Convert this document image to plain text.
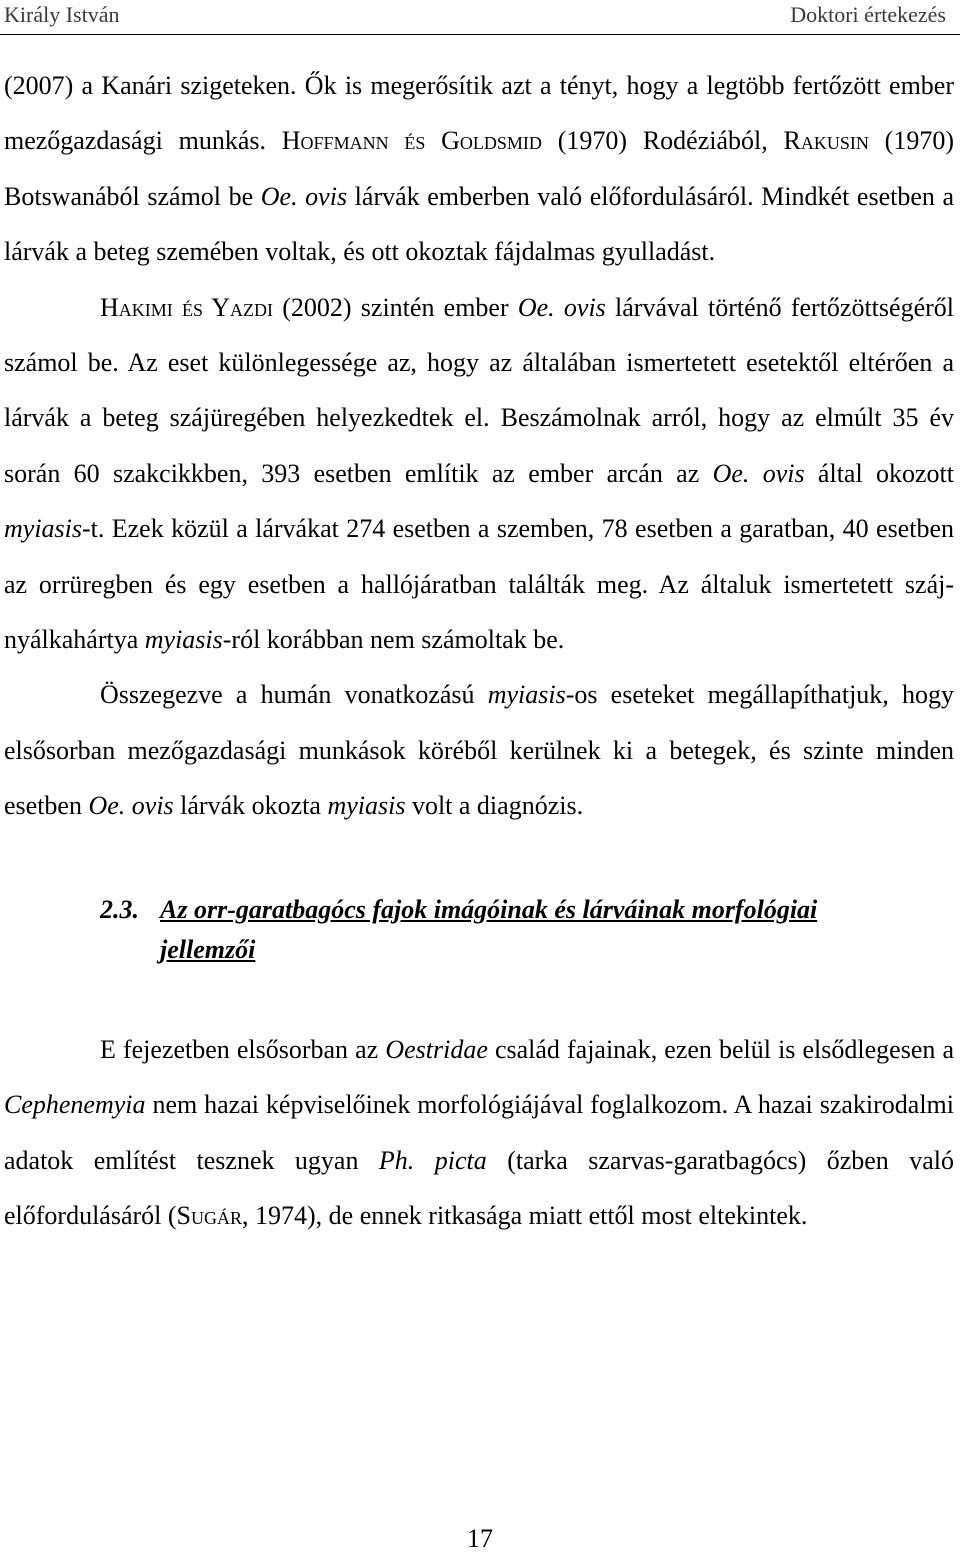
Király István	Doktori értekezés

(2007) a Kanári szigeteken. Ők is megerősítik azt a tényt, hogy a legtöbb fertőzött ember mezőgazdasági munkás. Hoffmann és Goldsmid (1970) Rodéziából, Rakusin (1970) Botswanából számol be Oe. ovis lárvák emberben való előfordulásáról. Mindkét esetben a lárvák a beteg szemében voltak, és ott okoztak fájdalmas gyulladást.

Hakimi és Yazdi (2002) szintén ember Oe. ovis lárvával történő fertőzöttségéről számol be. Az eset különlegessége az, hogy az általában ismertetett esetektől eltérően a lárvák a beteg szájüregében helyezkedtek el. Beszámolnak arról, hogy az elmúlt 35 év során 60 szakcikkben, 393 esetben említik az ember arcán az Oe. ovis által okozott myiasis-t. Ezek közül a lárvákat 274 esetben a szemben, 78 esetben a garatban, 40 esetben az orrüregben és egy esetben a hallójáratban találták meg. Az általuk ismertetett száj-nyálkahártya myiasis-ról korábban nem számoltak be.

Összegezve a humán vonatkozású myiasis-os eseteket megállapíthatjuk, hogy elsősorban mezőgazdasági munkások köréből kerülnek ki a betegek, és szinte minden esetben Oe. ovis lárvák okozta myiasis volt a diagnózis.

2.3. Az orr-garatbagócs fajok imágóinak és lárváinak morfológiai
jellemzői

E fejezetben elsősorban az Oestridae család fajainak, ezen belül is elsődlegesen a Cephenemyia nem hazai képviselőinek morfológiájával foglalkozom. A hazai szakirodalmi adatok említést tesznek ugyan Ph. picta (tarka szarvas-garatbagócs) őzben való előfordulásáról (Sugár, 1974), de ennek ritkasága miatt ettől most eltekintek.

17
